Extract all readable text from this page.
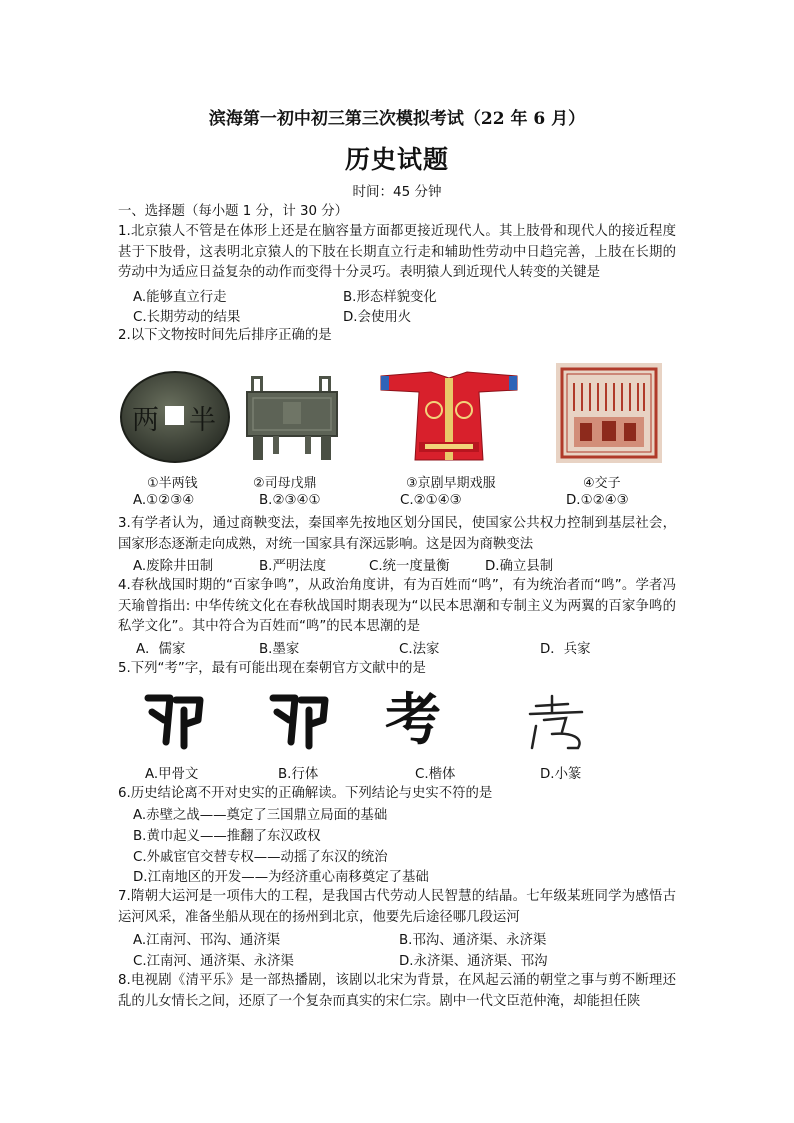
滨海第一初中初三第三次模拟考试（22 年 6 月）
历史试题
时间：45 分钟
一、选择题（每小题 1 分，计 30 分）
1.北京猿人不管是在体形上还是在脑容量方面都更接近现代人。其上肢骨和现代人的接近程度甚于下肢骨，这表明北京猿人的下肢在长期直立行走和辅助性劳动中日趋完善，上肢在长期的劳动中为适应日益复杂的动作而变得十分灵巧。表明猿人到近现代人转变的关键是
A.能够直立行走	B.形态样貌变化
C.长期劳动的结果	D.会使用火
2.以下文物按时间先后排序正确的是
两 半
①半两钱	②司母戊鼎	③京剧早期戏服	④交子
A.①②③④	B.②③④①	C.②①④③	D.①②④③
3.有学者认为，通过商鞅变法，秦国率先按地区划分国民，使国家公共权力控制到基层社会，国家形态逐渐走向成熟，对统一国家具有深远影响。这是因为商鞅变法
A.废除井田制	B.严明法度	C.统一度量衡	D.确立县制
4.春秋战国时期的“百家争鸣”，从政治角度讲，有为百姓而“鸣”，有为统治者而“鸣”。学者冯天瑜曾指出: 中华传统文化在春秋战国时期表现为“以民本思潮和专制主义为两翼的百家争鸣的私学文化”。其中符合为百姓而“鸣”的民本思潮的是
A．儒家	B.墨家	C.法家	D．兵家
5.下列“考”字，最有可能出现在秦朝官方文献中的是
考
A.甲骨文	B.行体	C.楷体	D.小篆
6.历史结论离不开对史实的正确解读。下列结论与史实不符的是
A.赤壁之战——奠定了三国鼎立局面的基础
B.黄巾起义——推翻了东汉政权
C.外戚宦官交替专权——动摇了东汉的统治
D.江南地区的开发——为经济重心南移奠定了基础
7.隋朝大运河是一项伟大的工程，是我国古代劳动人民智慧的结晶。七年级某班同学为感悟古运河风采，准备坐船从现在的扬州到北京，他要先后途径哪几段运河
A.江南河、邗沟、通济渠	B.邗沟、通济渠、永济渠
C.江南河、通济渠、永济渠	D.永济渠、通济渠、邗沟
8.电视剧《清平乐》是一部热播剧，该剧以北宋为背景，在风起云涌的朝堂之事与剪不断理还乱的儿女情长之间，还原了一个复杂而真实的宋仁宗。剧中一代文臣范仲淹，却能担任陕
